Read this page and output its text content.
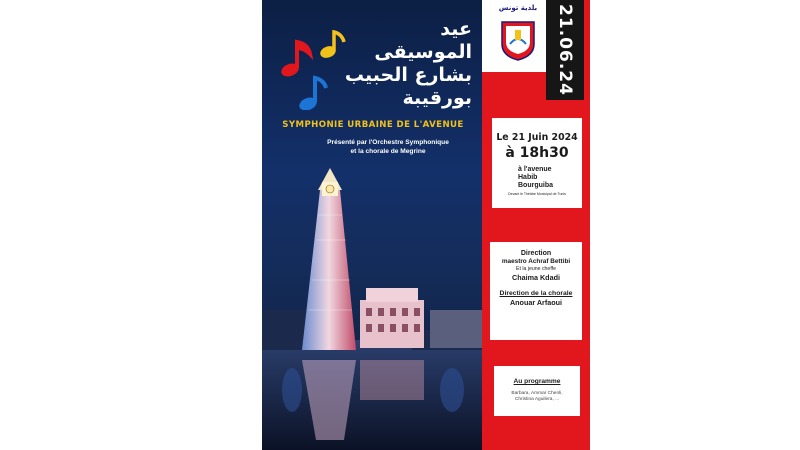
عيد
الموسيقى
بشارع الحبيب
بورقيبة
SYMPHONIE URBAINE DE L'AVENUE
Présenté par l'Orchestre Symphonique
et la chorale de Megrine
بلدية تونس 21.06.24
Le 21 Juin 2024
à 18h30
à l'avenue Habib Bourguiba
Devant le Théâtre Municipal de Tunis
Direction
maestro Achraf Bettibi
Et la jeune cheffe
Chaima Kdadi
Direction de la chorale
Anouar Arfaoui
Au programme
Barbara, Ammar Chenli,
Christina Aguilera, ...
